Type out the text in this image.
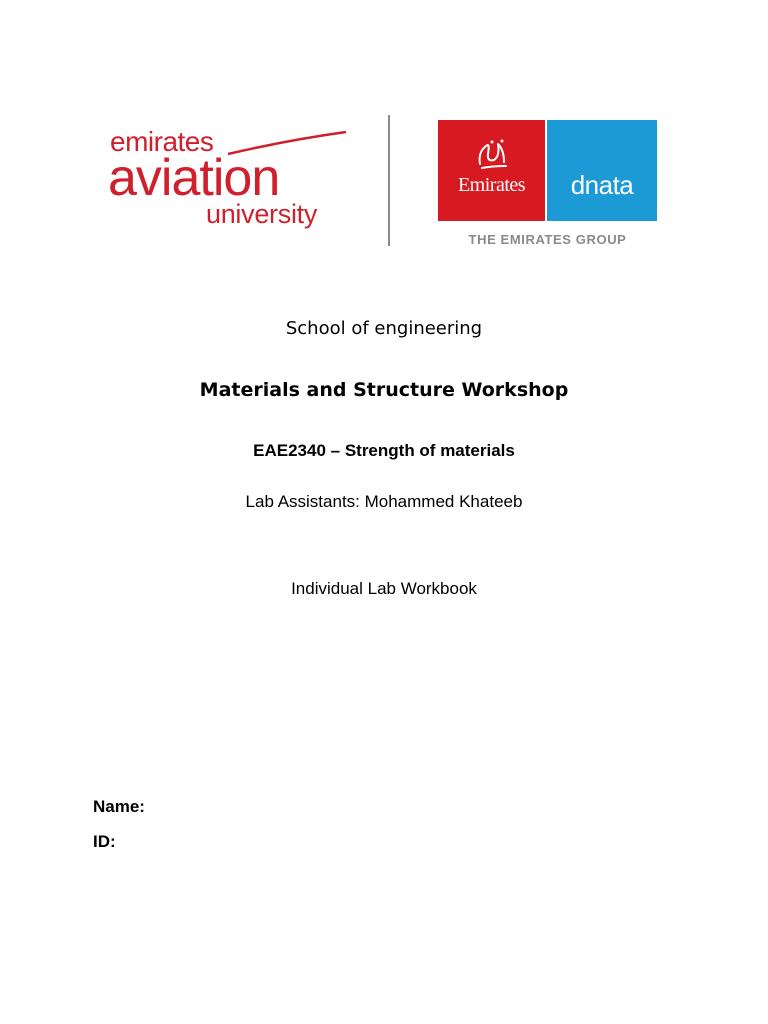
emirates
aviation
university
Emirates	dnata
THE EMIRATES GROUP
School of engineering
Materials and Structure Workshop
EAE2340 – Strength of materials
Lab Assistants: Mohammed Khateeb
Individual Lab Workbook
Name:
ID:
